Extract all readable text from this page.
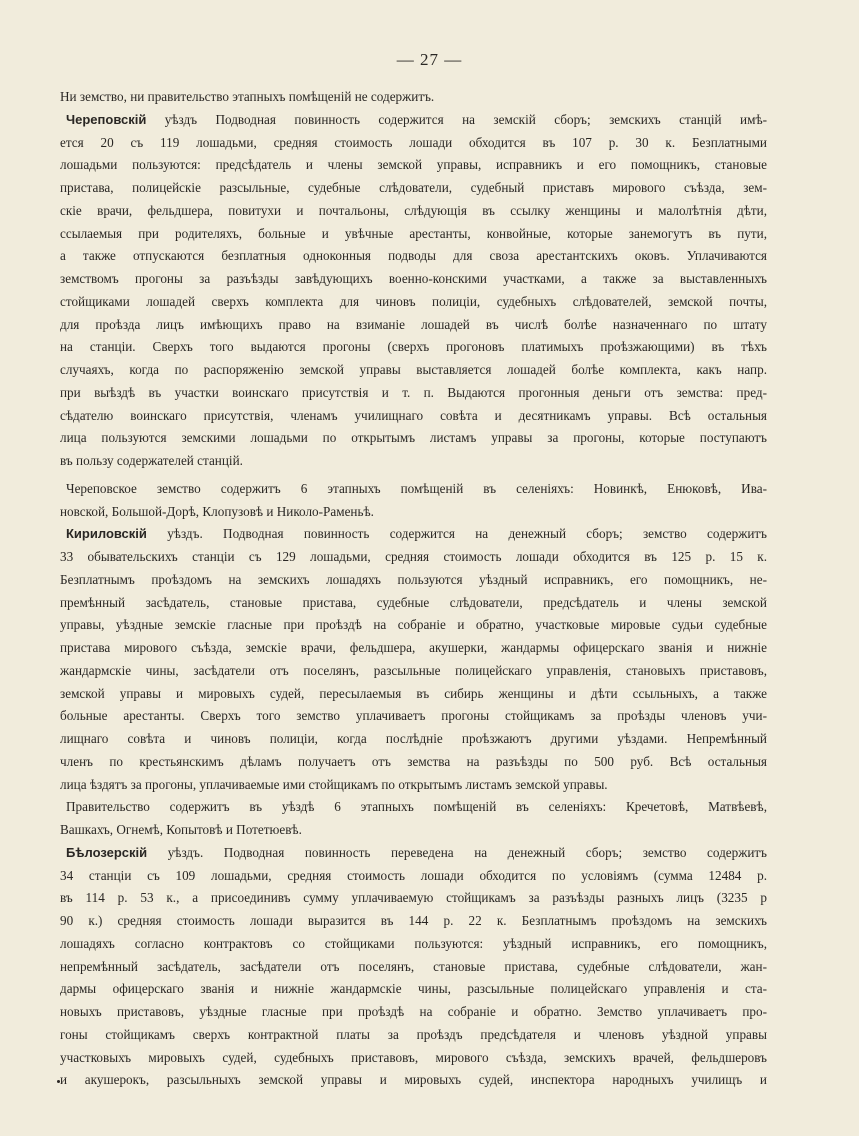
— 27 —
Ни земство, ни правительство этапныхъ помѣщеній не содержитъ.
Череповскій уѣздъ Подводная повинность содержится на земскій сборъ; земскихъ станцій имѣ-
ется 20 съ 119 лошадьми, средняя стоимость лошади обходится въ 107 р. 30 к. Безплатными
лошадьми пользуются: предсѣдатель и члены земской управы, исправникъ и его помощникъ, становые
пристава, полицейскіе разсыльные, судебные слѣдователи, судебный приставъ мирового съѣзда, зем-
скіе врачи, фельдшера, повитухи и почтальоны, слѣдующія въ ссылку женщины и малолѣтнія дѣти,
ссылаемыя при родителяхъ, больные и увѣчные арестанты, конвойные, которые занемогутъ въ пути,
а также отпускаются безплатныя одноконныя подводы для своза арестантскихъ оковъ. Уплачиваются
земствомъ прогоны за разъѣзды завѣдующихъ военно-конскими участками, а также за выставленныхъ
стойщиками лошадей сверхъ комплекта для чиновъ полиціи, судебныхъ слѣдователей, земской почты,
для проѣзда лицъ имѣющихъ право на взиманіе лошадей въ числѣ болѣе назначеннаго по штату
на станціи. Сверхъ того выдаются прогоны (сверхъ прогоновъ платимыхъ проѣзжающими) въ тѣхъ
случаяхъ, когда по распоряженію земской управы выставляется лошадей болѣе комплекта, какъ напр.
при выѣздѣ въ участки воинскаго присутствія и т. п. Выдаются прогонныя деньги отъ земства: пред-
сѣдателю воинскаго присутствія, членамъ училищнаго совѣта и десятникамъ управы. Всѣ остальныя
лица пользуются земскими лошадьми по открытымъ листамъ управы за прогоны, которые поступаютъ
въ пользу содержателей станцій.
Череповское земство содержитъ 6 этапныхъ помѣщеній въ селеніяхъ: Новинкѣ, Енюковѣ, Ива-
новской, Большой-Дорѣ, Клопузовѣ и Николо-Раменьѣ.
Кириловскій уѣздъ. Подводная повинность содержится на денежный сборъ; земство содержитъ
33 обывательскихъ станціи съ 129 лошадьми, средняя стоимость лошади обходится въ 125 р. 15 к.
Безплатнымъ проѣздомъ на земскихъ лошадяхъ пользуются уѣздный исправникъ, его помощникъ, не-
премѣнный засѣдатель, становые пристава, судебные слѣдователи, предсѣдатель и члены земской
управы, уѣздные земскіе гласные при проѣздѣ на собраніе и обратно, участковые мировые судьи судебные
пристава мирового съѣзда, земскіе врачи, фельдшера, акушерки, жандармы офицерскаго званія и нижніе
жандармскіе чины, засѣдатели отъ поселянъ, разсыльные полицейскаго управленія, становыхъ приставовъ,
земской управы и мировыхъ судей, пересылаемыя въ сибирь женщины и дѣти ссыльныхъ, а также
больные арестанты. Сверхъ того земство уплачиваетъ прогоны стойщикамъ за проѣзды членовъ учи-
лищнаго совѣта и чиновъ полиціи, когда послѣдніе проѣзжаютъ другими уѣздами. Непремѣнный
членъ по крестьянскимъ дѣламъ получаетъ отъ земства на разъѣзды по 500 руб. Всѣ остальныя
лица ѣздятъ за прогоны, уплачиваемые ими стойщикамъ по открытымъ листамъ земской управы.
Правительство содержитъ въ уѣздѣ 6 этапныхъ помѣщеній въ селеніяхъ: Кречетовѣ, Матвѣевѣ,
Вашкахъ, Огнемѣ, Копытовѣ и Потетюевѣ.
Бѣлозерскій уѣздъ. Подводная повинность переведена на денежный сборъ; земство содержитъ
34 станціи съ 109 лошадьми, средняя стоимость лошади обходится по условіямъ (сумма 12484 р.
въ 114 р. 53 к., а присоединивъ сумму уплачиваемую стойщикамъ за разъѣзды разныхъ лицъ (3235 р
90 к.) средняя стоимость лошади выразится въ 144 р. 22 к. Безплатнымъ проѣздомъ на земскихъ
лошадяхъ согласно контрактовъ со стойщиками пользуются: уѣздный исправникъ, его помощникъ,
непремѣнный засѣдатель, засѣдатели отъ поселянъ, становые пристава, судебные слѣдователи, жан-
дармы офицерскаго званія и нижніе жандармскіе чины, разсыльные полицейскаго управленія и ста-
новыхъ приставовъ, уѣздные гласные при проѣздѣ на собраніе и обратно. Земство уплачиваетъ про-
гоны стойщикамъ сверхъ контрактной платы за проѣздъ предсѣдателя и членовъ уѣздной управы
участковыхъ мировыхъ судей, судебныхъ приставовъ, мирового съѣзда, земскихъ врачей, фельдшеровъ
и акушерокъ, разсыльныхъ земской управы и мировыхъ судей, инспектора народныхъ училищъ и
